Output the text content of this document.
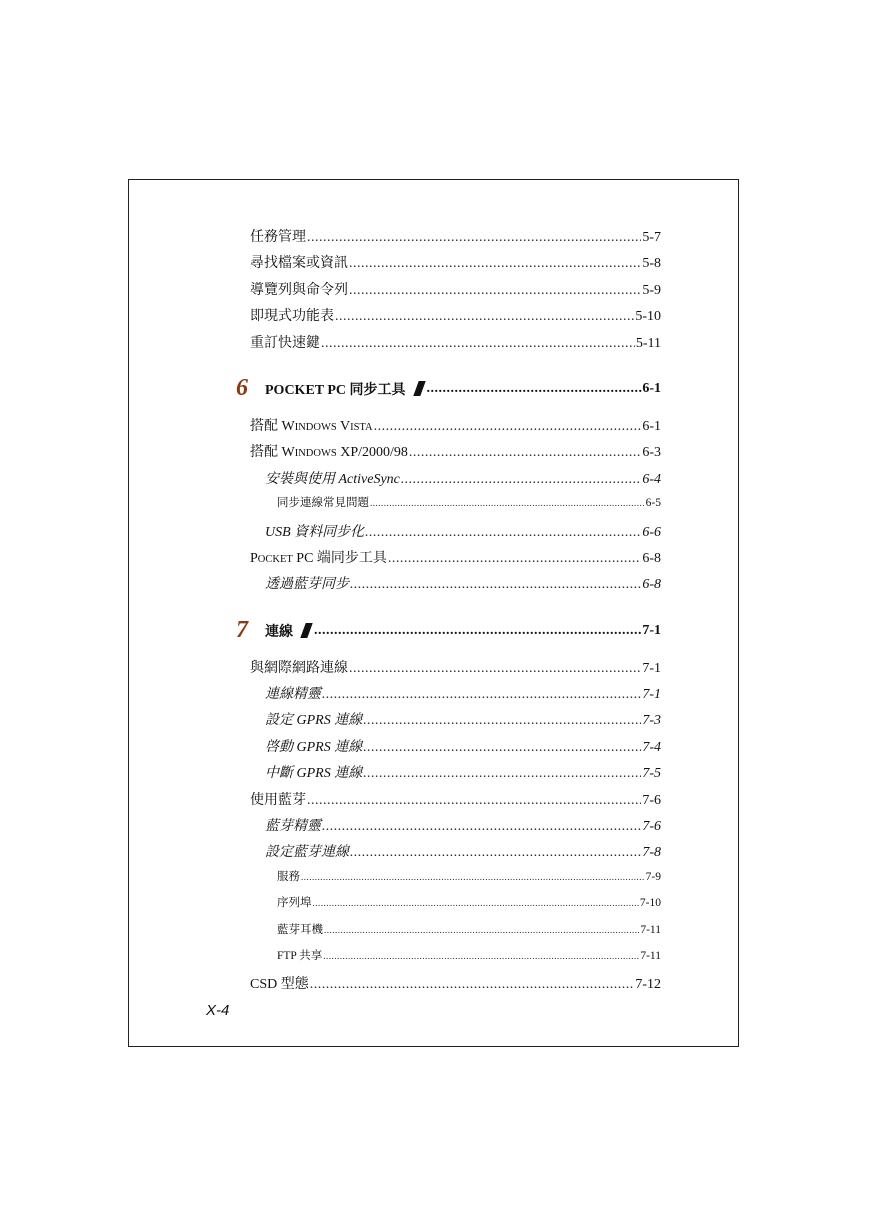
任務管理 .....	5-7
尋找檔案或資訊 .....	5-8
導覽列與命令列 .....	5-9
即現式功能表 .....	5-10
重訂快速鍵 .....	5-11
6 POCKET PC 同步工具 .....	6-1
搭配 WINDOWS VISTA .....	6-1
搭配 WINDOWS XP/2000/98 .....	6-3
安裝與使用 ActiveSync .....	6-4
同步連線常見問題 .....	6-5
USB 資料同步化 .....	6-6
POCKET PC 端同步工具 .....	6-8
透過藍芽同步 .....	6-8
7 連線 .....	7-1
與網際網路連線 .....	7-1
連線精靈 .....	7-1
設定 GPRS 連線 .....	7-3
啓動 GPRS 連線 .....	7-4
中斷 GPRS 連線 .....	7-5
使用藍芽 .....	7-6
藍芽精靈 .....	7-6
設定藍芽連線 .....	7-8
服務 .....	7-9
序列埠 .....	7-10
藍芽耳機 .....	7-11
FTP 共享 .....	7-11
CSD 型態 .....	7-12
X-4
